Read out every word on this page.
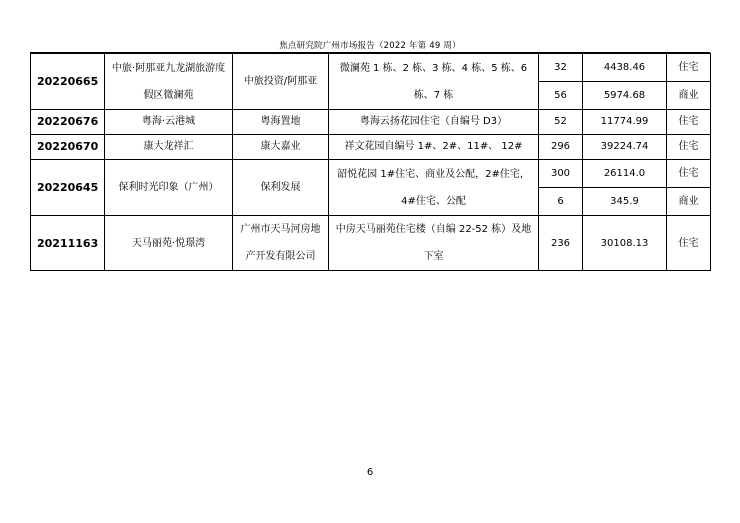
焦点研究院广州市场报告（2022 年第 49 周）
20220665	中旅·阿那亚九龙湖旅游度假区微澜苑	中旅投资/阿那亚	微澜苑 1 栋、2 栋、3 栋、4 栋、5 栋、6 栋、7 栋	32	4438.46	住宅
				56	5974.68	商业
20220676	粤海·云港城	粤海置地	粤海云扬花园住宅（自编号 D3）	52	11774.99	住宅
20220670	康大龙祥汇	康大嘉业	祥文花园自编号 1#、2#、11#、 12#	296	39224.74	住宅
20220645	保利时光印象（广州）	保利发展	韶悦花园 1#住宅、商业及公配，2#住宅，4#住宅、公配	300	26114.0	住宅
				6	345.9	商业
20211163	天马丽苑·悦璟湾	广州市天马河房地产开发有限公司	中房天马丽苑住宅楼（自编 22-52 栋）及地下室	236	30108.13	住宅
6
